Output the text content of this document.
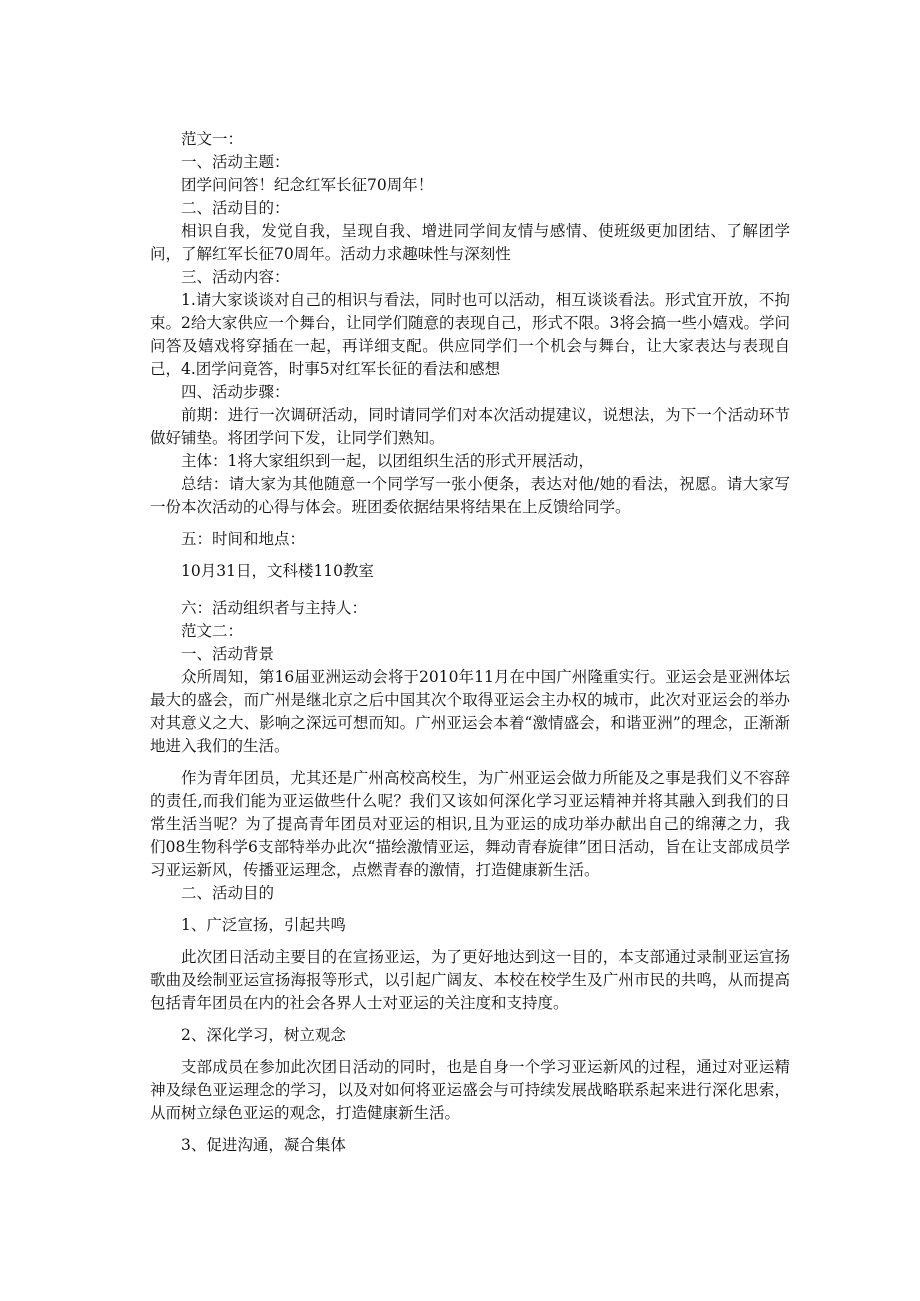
范文一：

一、活动主题：

团学问问答！纪念红军长征70周年！

二、活动目的：

相识自我，发觉自我，呈现自我、增进同学间友情与感情、使班级更加团结、了解团学问，了解红军长征70周年。活动力求趣味性与深刻性

三、活动内容：

1.请大家谈谈对自己的相识与看法，同时也可以活动，相互谈谈看法。形式宜开放，不拘束。2给大家供应一个舞台，让同学们随意的表现自己，形式不限。3将会搞一些小嬉戏。学问问答及嬉戏将穿插在一起，再详细支配。供应同学们一个机会与舞台，让大家表达与表现自己，4.团学问竟答，时事5对红军长征的看法和感想

四、活动步骤：

前期：进行一次调研活动，同时请同学们对本次活动提建议，说想法，为下一个活动环节做好铺垫。将团学问下发，让同学们熟知。

主体：1将大家组织到一起，以团组织生活的形式开展活动，

总结：请大家为其他随意一个同学写一张小便条，表达对他/她的看法，祝愿。请大家写一份本次活动的心得与体会。班团委依据结果将结果在上反馈给同学。

五：时间和地点：

10月31日，文科楼110教室

六：活动组织者与主持人：

范文二：

一、活动背景

众所周知，第16届亚洲运动会将于2010年11月在中国广州隆重实行。亚运会是亚洲体坛最大的盛会，而广州是继北京之后中国其次个取得亚运会主办权的城市，此次对亚运会的举办对其意义之大、影响之深远可想而知。广州亚运会本着“激情盛会，和谐亚洲”的理念，正渐渐地进入我们的生活。

作为青年团员，尤其还是广州高校高校生，为广州亚运会做力所能及之事是我们义不容辞的责任,而我们能为亚运做些什么呢？我们又该如何深化学习亚运精神并将其融入到我们的日常生活当呢？为了提高青年团员对亚运的相识,且为亚运的成功举办献出自己的绵薄之力，我们08生物科学6支部特举办此次“描绘激情亚运，舞动青春旋律”团日活动，旨在让支部成员学习亚运新风，传播亚运理念，点燃青春的激情，打造健康新生活。

二、活动目的

1、广泛宣扬，引起共鸣

此次团日活动主要目的在宣扬亚运，为了更好地达到这一目的，本支部通过录制亚运宣扬歌曲及绘制亚运宣扬海报等形式，以引起广阔友、本校在校学生及广州市民的共鸣，从而提高包括青年团员在内的社会各界人士对亚运的关注度和支持度。

2、深化学习，树立观念

支部成员在参加此次团日活动的同时，也是自身一个学习亚运新风的过程，通过对亚运精神及绿色亚运理念的学习，以及对如何将亚运盛会与可持续发展战略联系起来进行深化思索，从而树立绿色亚运的观念，打造健康新生活。

3、促进沟通，凝合集体
